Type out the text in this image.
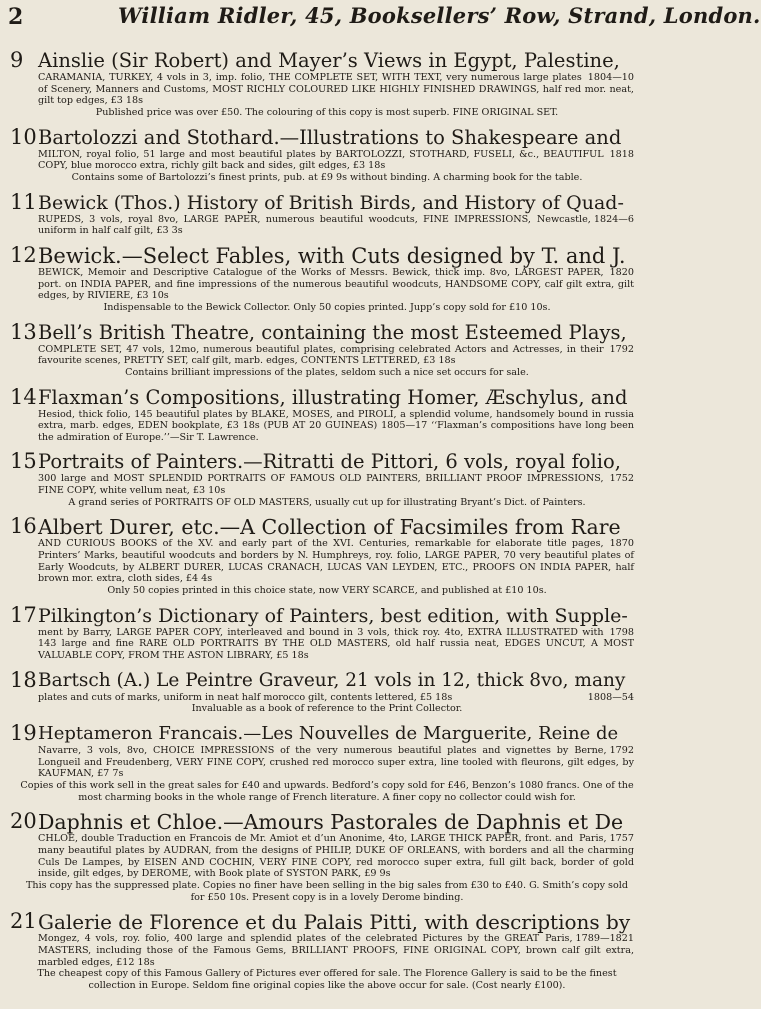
2	William Ridler, 45, Booksellers’ Row, Strand, London.
9 Ainslie (Sir Robert) and Mayer’s Views in Egypt, Palestine,
1804—10
CARAMANIA, TURKEY, 4 vols in 3, imp. folio, THE COMPLETE SET, WITH TEXT, very numerous large plates of Scenery, Manners and Customs, MOST RICHLY COLOURED LIKE HIGHLY FINISHED DRAWINGS, half red mor. neat, gilt top edges, £3 18s
Published price was over £50. The colouring of this copy is most superb. FINE ORIGINAL SET.
10 Bartolozzi and Stothard.—Illustrations to Shakespeare and
1818
MILTON, royal folio, 51 large and most beautiful plates by BARTOLOZZI, STOTHARD, FUSELI, &c., BEAUTIFUL COPY, blue morocco extra, richly gilt back and sides, gilt edges, £3 18s
Contains some of Bartolozzi’s finest prints, pub. at £9 9s without binding. A charming book for the table.
11 Bewick (Thos.) History of British Birds, and History of Quad-
Newcastle, 1824—6
RUPEDS, 3 vols, royal 8vo, LARGE PAPER, numerous beautiful woodcuts, FINE IMPRESSIONS, uniform in half calf gilt, £3 3s
12 Bewick.—Select Fables, with Cuts designed by T. and J.
1820
BEWICK, Memoir and Descriptive Catalogue of the Works of Messrs. Bewick, thick imp. 8vo, LARGEST PAPER, port. on INDIA PAPER, and fine impressions of the numerous beautiful woodcuts, HANDSOME COPY, calf gilt extra, gilt edges, by RIVIERE, £3 10s
Indispensable to the Bewick Collector. Only 50 copies printed. Jupp’s copy sold for £10 10s.
13 Bell’s British Theatre, containing the most Esteemed Plays,
1792
COMPLETE SET, 47 vols, 12mo, numerous beautiful plates, comprising celebrated Actors and Actresses, in their favourite scenes, PRETTY SET, calf gilt, marb. edges, CONTENTS LETTERED, £3 18s
Contains brilliant impressions of the plates, seldom such a nice set occurs for sale.
14 Flaxman’s Compositions, illustrating Homer, Æschylus, and
Hesiod, thick folio, 145 beautiful plates by BLAKE, MOSES, and PIROLI, a splendid volume, handsomely bound in russia extra, marb. edges, EDEN bookplate, £3 18s (PUB AT 20 GUINEAS) 1805—17 ‘‘Flaxman’s compositions have long been the admiration of Europe.’’—Sir T. Lawrence.
15 Portraits of Painters.—Ritratti de Pittori, 6 vols, royal folio,
1752
300 large and MOST SPLENDID PORTRAITS OF FAMOUS OLD PAINTERS, BRILLIANT PROOF IMPRESSIONS, FINE COPY, white vellum neat, £3 10s
A grand series of PORTRAITS OF OLD MASTERS, usually cut up for illustrating Bryant’s Dict. of Painters.
16 Albert Durer, etc.—A Collection of Facsimiles from Rare
1870
AND CURIOUS BOOKS of the XV. and early part of the XVI. Centuries, remarkable for elaborate title pages, Printers’ Marks, beautiful woodcuts and borders by N. Humphreys, roy. folio, LARGE PAPER, 70 very beautiful plates of Early Woodcuts, by ALBERT DURER, LUCAS CRANACH, LUCAS VAN LEYDEN, ETC., PROOFS ON INDIA PAPER, half brown mor. extra, cloth sides, £4 4s
Only 50 copies printed in this choice state, now VERY SCARCE, and published at £10 10s.
17 Pilkington’s Dictionary of Painters, best edition, with Supple-
1798
ment by Barry, LARGE PAPER COPY, interleaved and bound in 3 vols, thick roy. 4to, EXTRA ILLUSTRATED with 143 large and fine RARE OLD PORTRAITS BY THE OLD MASTERS, old half russia neat, EDGES UNCUT, A MOST VALUABLE COPY, FROM THE ASTON LIBRARY, £5 18s
18 Bartsch (A.) Le Peintre Graveur, 21 vols in 12, thick 8vo, many
1808—54
plates and cuts of marks, uniform in neat half morocco gilt, contents lettered, £5 18s
Invaluable as a book of reference to the Print Collector.
19 Heptameron Francais.—Les Nouvelles de Marguerite, Reine de
Berne, 1792
Navarre, 3 vols, 8vo, CHOICE IMPRESSIONS of the very numerous beautiful plates and vignettes by Longueil and Freudenberg, VERY FINE COPY, crushed red morocco super extra, line tooled with fleurons, gilt edges, by KAUFMAN, £7 7s
Copies of this work sell in the great sales for £40 and upwards. Bedford’s copy sold for £46, Benzon’s 1080 francs. One of the most charming books in the whole range of French literature. A finer copy no collector could wish for.
20 Daphnis et Chloe.—Amours Pastorales de Daphnis et De
Paris, 1757
CHLOE, double Traduction en Francois de Mr. Amiot et d’un Anonime, 4to, LARGE THICK PAPER, front. and many beautiful plates by AUDRAN, from the designs of PHILIP, DUKE OF ORLEANS, with borders and all the charming Culs De Lampes, by EISEN AND COCHIN, VERY FINE COPY, red morocco super extra, full gilt back, border of gold inside, gilt edges, by DEROME, with Book plate of SYSTON PARK, £9 9s
This copy has the suppressed plate. Copies no finer have been selling in the big sales from £30 to £40. G. Smith’s copy sold for £50 10s. Present copy is in a lovely Derome binding.
21 Galerie de Florence et du Palais Pitti, with descriptions by
Paris, 1789—1821
Mongez, 4 vols, roy. folio, 400 large and splendid plates of the celebrated Pictures by the GREAT MASTERS, including those of the Famous Gems, BRILLIANT PROOFS, FINE ORIGINAL COPY, brown calf gilt extra, marbled edges, £12 18s
The cheapest copy of this Famous Gallery of Pictures ever offered for sale. The Florence Gallery is said to be the finest collection in Europe. Seldom fine original copies like the above occur for sale. (Cost nearly £100).
